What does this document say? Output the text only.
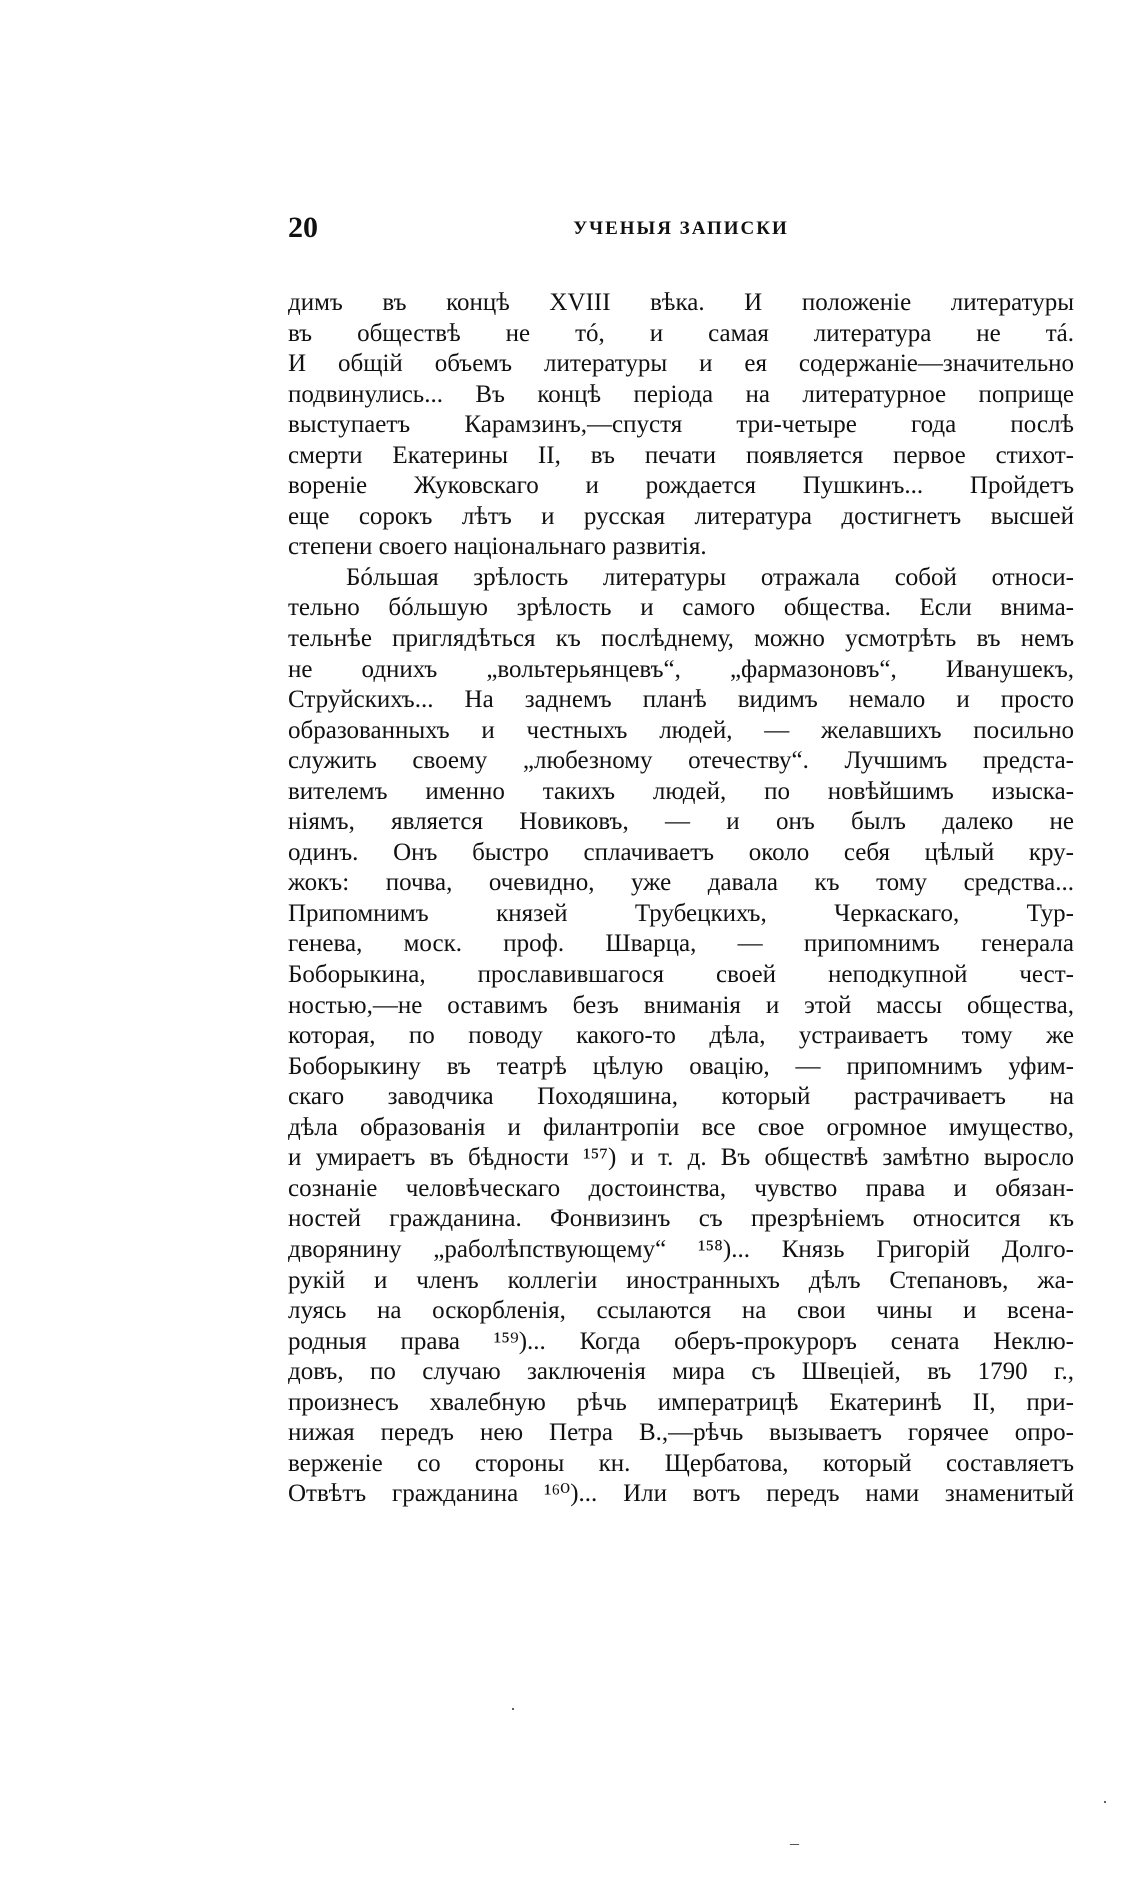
20	УЧЕНЫЯ ЗАПИСКИ
димъ въ концѣ XVIII вѣка. И положенiе литературы
въ обществѣ не тó, и самая литература не тá.
И общiй объемъ литературы и ея содержанiе—значительно
подвинулись... Въ концѣ перiода на литературное поприще
выступаетъ Карамзинъ,—спустя три-четыре года послѣ
смерти Екатерины II, въ печати появляется первое стихот-
воренiе Жуковскаго и рождается Пушкинъ... Пройдетъ
еще сорокъ лѣтъ и русская литература достигнетъ высшей
степени своего нацiональнаго развитiя.
Бóльшая зрѣлость литературы отражала собой относи-
тельно бóльшую зрѣлость и самого общества. Если внима-
тельнѣе приглядѣться къ послѣднему, можно усмотрѣть въ немъ
не однихъ „вольтерьянцевъ“, „фармазоновъ“, Иванушекъ,
Струйскихъ... На заднемъ планѣ видимъ немало и просто
образованныхъ и честныхъ людей, — желавшихъ посильно
служить своему „любезному отечеству“. Лучшимъ предста-
вителемъ именно такихъ людей, по новѣйшимъ изыска-
нiямъ, является Новиковъ, — и онъ былъ далеко не
одинъ. Онъ быстро сплачиваетъ около себя цѣлый кру-
жокъ: почва, очевидно, уже давала къ тому средства...
Припомнимъ князей Трубецкихъ, Черкаскаго, Тур-
генева, моск. проф. Шварца, — припомнимъ генерала
Боборыкина, прославившагося своей неподкупной чест-
ностью,—не оставимъ безъ вниманiя и этой массы общества,
которая, по поводу какого-то дѣла, устраиваетъ тому же
Боборыкину въ театрѣ цѣлую овацiю, — припомнимъ уфим-
скаго заводчика Походяшина, который растрачиваетъ на
дѣла образованiя и филантропiи все свое огромное имущество,
и умираетъ въ бѣдности ¹⁵⁷) и т. д. Въ обществѣ замѣтно выросло
сознанiе человѣческаго достоинства, чувство права и обязан-
ностей гражданина. Фонвизинъ съ презрѣнiемъ относится къ
дворянину „раболѣпствующему“ ¹⁵⁸)... Князь Григорiй Долго-
рукiй и членъ коллегiи иностранныхъ дѣлъ Степановъ, жа-
луясь на оскорбленiя, ссылаются на свои чины и всена-
родныя права ¹⁵⁹)... Когда оберъ-прокуроръ сената Неклю-
довъ, по случаю заключенiя мира съ Швецiей, въ 1790 г.,
произнесъ хвалебную рѣчь императрицѣ Екатеринѣ II, при-
нижая передъ нею Петра В.,—рѣчь вызываетъ горячее опро-
верженiе со стороны кн. Щербатова, который составляетъ
Отвѣтъ гражданина ¹⁶⁰)... Или вотъ передъ нами знаменитый
·
·
–
